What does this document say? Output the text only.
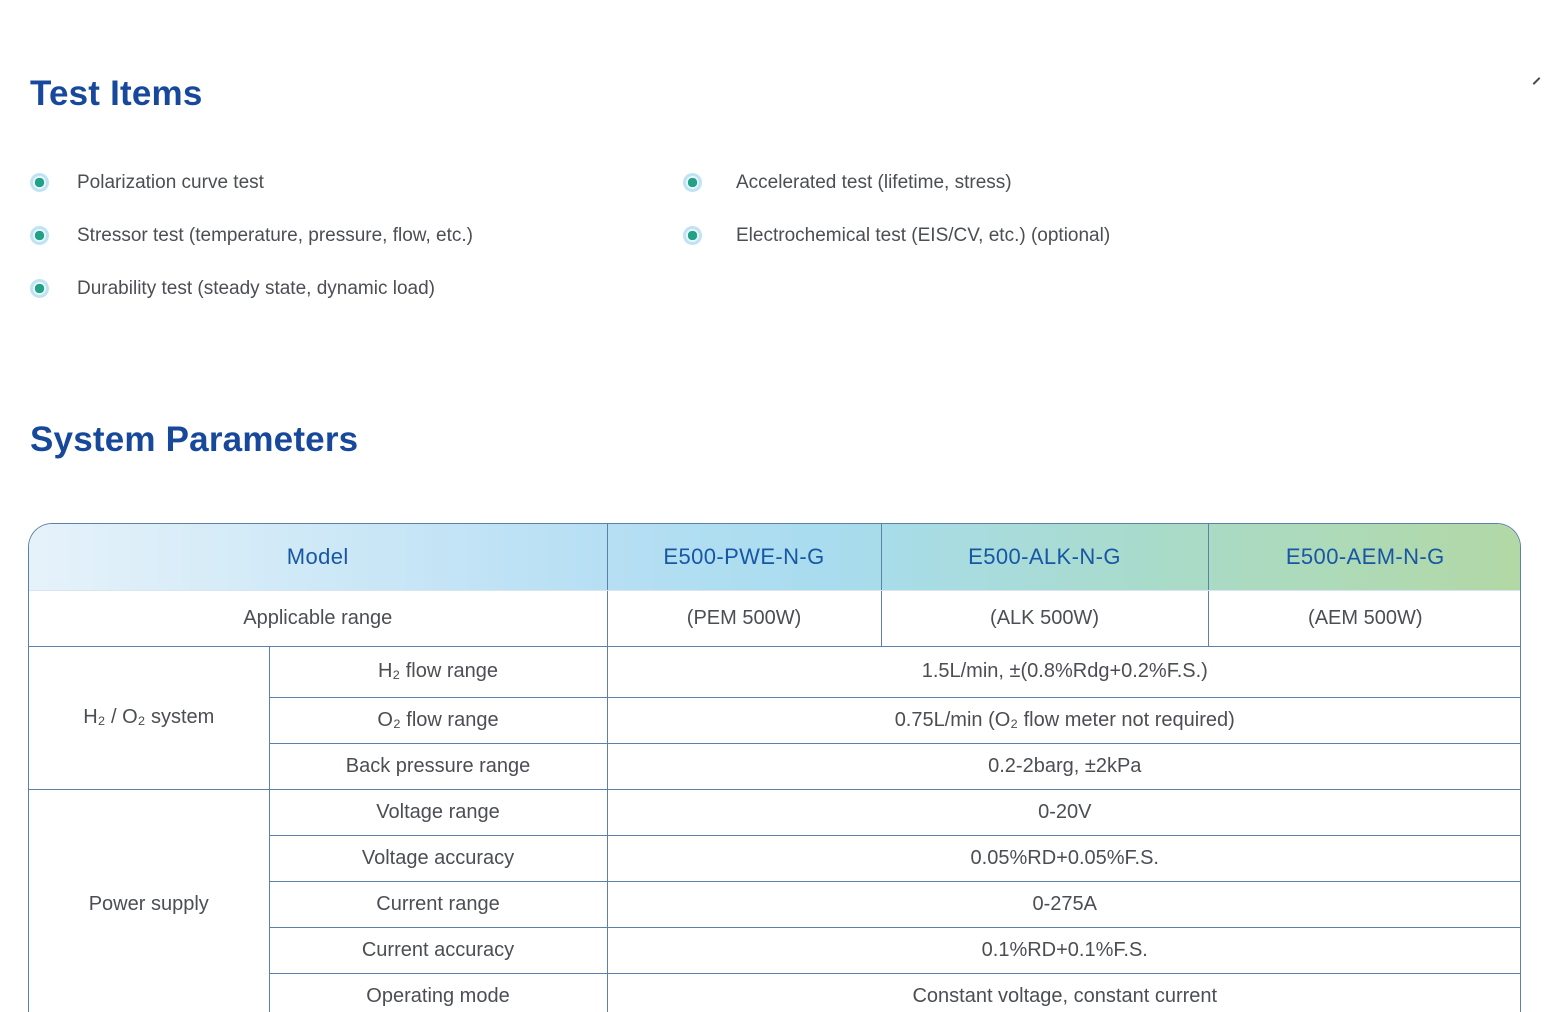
Test Items
Polarization curve test
Stressor test (temperature, pressure, flow, etc.)
Durability test (steady state, dynamic load)
Accelerated test (lifetime, stress)
Electrochemical test (EIS/CV, etc.) (optional)
System Parameters
Model		E500-PWE-N-G	E500-ALK-N-G	E500-AEM-N-G
Applicable range		(PEM 500W)	(ALK 500W)	(AEM 500W)
H₂ / O₂ system	H₂ flow range	1.5L/min, ±(0.8%Rdg+0.2%F.S.)		
	O₂ flow range	0.75L/min (O₂ flow meter not required)		
	Back pressure range	0.2-2barg, ±2kPa		
Power supply	Voltage range	0-20V		
	Voltage accuracy	0.05%RD+0.05%F.S.		
	Current range	0-275A		
	Current accuracy	0.1%RD+0.1%F.S.		
	Operating mode	Constant voltage, constant current		
